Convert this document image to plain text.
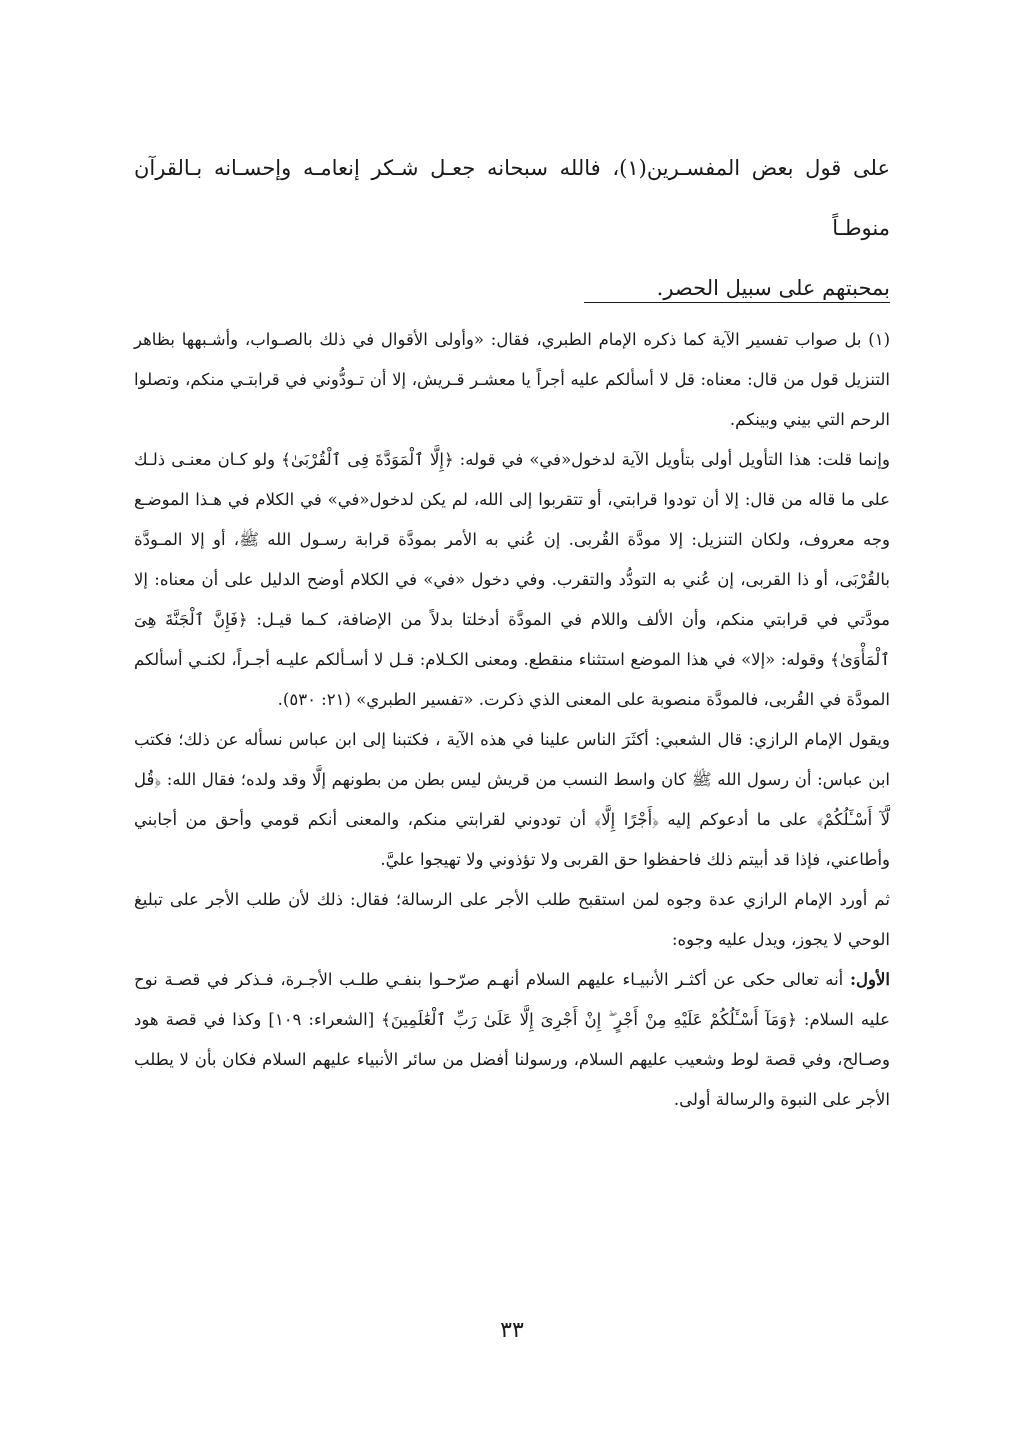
على قول بعض المفسـرين(١)، فالله سبحانه جعـل شـكر إنعامـه وإحسـانه بـالقرآن منوطـاً

بمحبتهم على سبيل الحصر.

(١) بل صواب تفسير الآية كما ذكره الإمام الطبري، فقال: «وأولى الأقوال في ذلك بالصـواب، وأشـبهها بظاهر التنزيل قول من قال: معناه: قل لا أسألكم عليه أجراً يا معشـر قـريش، إلا أن تـودُّوني في قرابتـي منكم، وتصلوا الرحم التي بيني وبينكم.

وإنما قلت: هذا التأويل أولى بتأويل الآية لدخول«في» في قوله: ﴿إِلَّا ٱلْمَوَدَّةَ فِى ٱلْقُرْبَىٰ﴾ ولو كـان معنـى ذلـك على ما قاله من قال: إلا أن تودوا قرابتي، أو تتقربوا إلى الله، لم يكن لدخول«في» في الكلام في هـذا الموضـع وجه معروف، ولكان التنزيل: إلا مودَّة القُربى. إن عُني به الأمر بمودَّة قرابة رسـول الله ﷺ، أو إلا المـودَّة بالقُرْبَى، أو ذا القربى، إن عُني به التودُّد والتقرب. وفي دخول «في» في الكلام أوضح الدليل على أن معناه: إلا مودَّتي في قرابتي منكم، وأن الألف واللام في المودَّة أدخلتا بدلاً من الإضافة، كـما قيـل: ﴿فَإِنَّ ٱلْجَنَّةَ هِىَ ٱلْمَأْوَىٰ﴾ وقوله: «إلا» في هذا الموضع استثناء منقطع. ومعنى الكـلام: قـل لا أسـألكم عليـه أجـراً، لكنـي أسألكم المودَّة في القُربى، فالمودَّة منصوبة على المعنى الذي ذكرت. «تفسير الطبري» (٢١: ٥٣٠).

ويقول الإمام الرازي: قال الشعبي: أكثَرَ الناس علينا في هذه الآية ، فكتبنا إلى ابن عباس نسأله عن ذلك؛ فكتب ابن عباس: أن رسول الله ﷺ كان واسط النسب من قريش ليس بطن من بطونهم إلَّا وقد ولده؛ فقال الله: ﴿قُل لَّآ أَسْـَٔلُكُمْ﴾ على ما أدعوكم إليه ﴿أَجْرًا إِلَّا﴾ أن تودوني لقرابتي منكم، والمعنى أنكم قومي وأحق من أجابني وأطاعني، فإذا قد أبيتم ذلك فاحفظوا حق القربى ولا تؤذوني ولا تهيجوا عليَّ.

ثم أورد الإمام الرازي عدة وجوه لمن استقبح طلب الأجر على الرسالة؛ فقال: ذلك لأن طلب الأجر على تبليغ الوحي لا يجوز، ويدل عليه وجوه:

الأول: أنه تعالى حكى عن أكثـر الأنبيـاء عليهم السلام أنهـم صرّحـوا بنفـي طلـب الأجـرة، فـذكر في قصـة نوح عليه السلام: ﴿وَمَآ أَسْـَٔلُكُمْ عَلَيْهِ مِنْ أَجْرٍ ۖ إِنْ أَجْرِىَ إِلَّا عَلَىٰ رَبِّ ٱلْعَٰلَمِينَ﴾ [الشعراء: ١٠٩] وكذا في قصة هود وصـالح، وفي قصة لوط وشعيب عليهم السلام، ورسولنا أفضل من سائر الأنبياء عليهم السلام فكان بأن لا يطلب الأجر على النبوة والرسالة أولى.

٣٣
